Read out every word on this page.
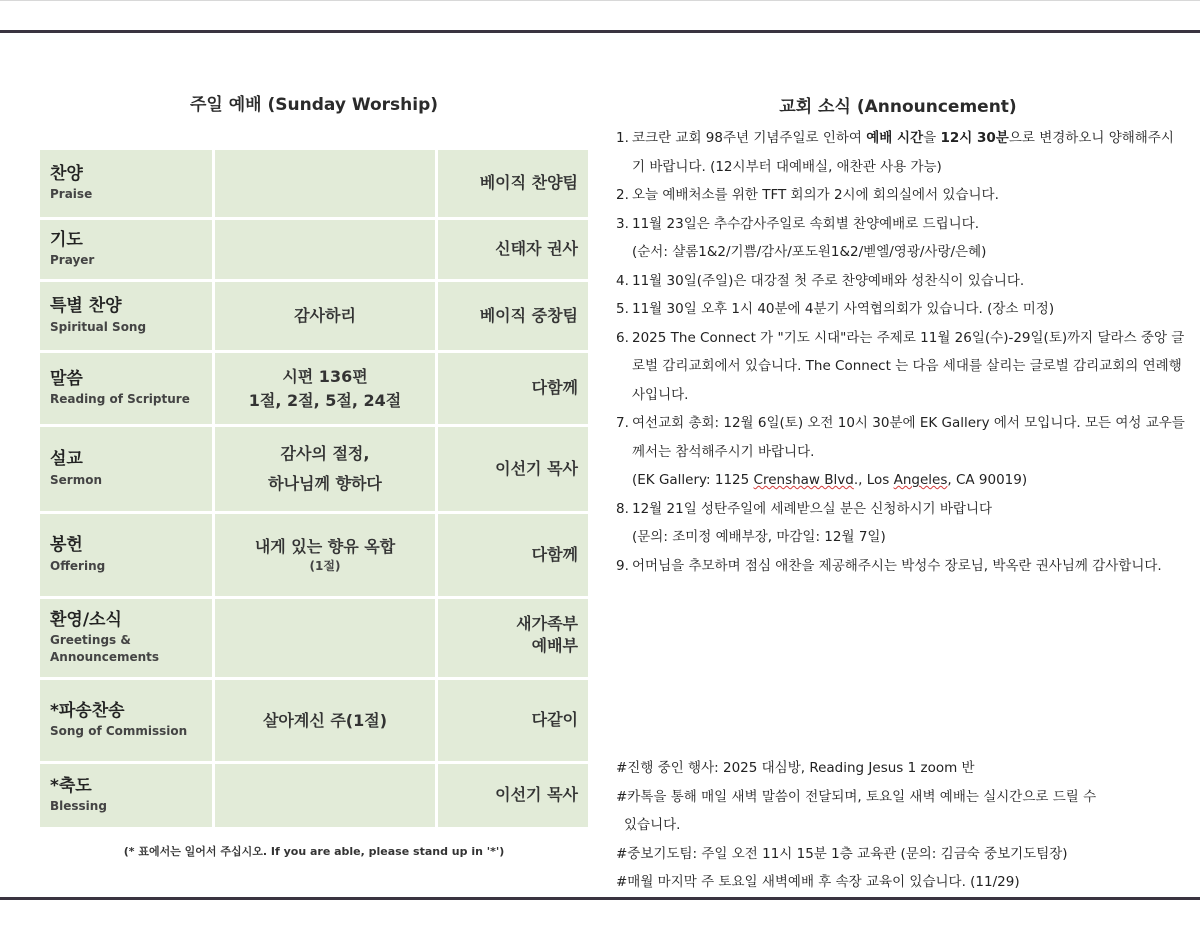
주일 예배 (Sunday Worship)
찬양
Praise
베이직 찬양팀
기도
Prayer
신태자 권사
특별 찬양
Spiritual Song
감사하리	베이직 중창팀
말씀
Reading of Scripture
시편 136편
1절, 2절, 5절, 24절
다함께
설교
Sermon
감사의 절정,
하나님께 향하다
이선기 목사
봉헌
Offering
내게 있는 향유 옥합
(1절)
다함께
환영/소식
Greetings &
Announcements
새가족부
예배부
*파송찬송
Song of Commission
살아계신 주(1절)	다같이
*축도
Blessing
이선기 목사
(* 표에서는 일어서 주십시오. If you are able, please stand up in '*')
교회 소식 (Announcement)
1. 코크란 교회 98주년 기념주일로 인하여 예배 시간을 12시 30분으로 변경하오니 양해해주시기 바랍니다. (12시부터 대예배실, 애찬관 사용 가능)
2. 오늘 예배처소를 위한 TFT 회의가 2시에 회의실에서 있습니다.
3. 11월 23일은 추수감사주일로 속회별 찬양예배로 드립니다.
(순서: 샬롬1&2/기쁨/감사/포도원1&2/벧엘/영광/사랑/은혜)
4. 11월 30일(주일)은 대강절 첫 주로 찬양예배와 성찬식이 있습니다.
5. 11월 30일 오후 1시 40분에 4분기 사역협의회가 있습니다. (장소 미정)
6. 2025 The Connect 가 "기도 시대"라는 주제로 11월 26일(수)-29일(토)까지 달라스 중앙 글로벌 감리교회에서 있습니다. The Connect 는 다음 세대를 살리는 글로벌 감리교회의 연례행사입니다.
7. 여선교회 총회: 12월 6일(토) 오전 10시 30분에 EK Gallery 에서 모입니다. 모든 여성 교우들께서는 참석해주시기 바랍니다.
(EK Gallery: 1125 Crenshaw Blvd., Los Angeles, CA 90019)
8. 12월 21일 성탄주일에 세례받으실 분은 신청하시기 바랍니다
(문의: 조미정 예배부장, 마감일: 12월 7일)
9. 어머님을 추모하며 점심 애찬을 제공해주시는 박성수 장로님, 박옥란 권사님께 감사합니다.
#진행 중인 행사: 2025 대심방, Reading Jesus 1 zoom 반
#카톡을 통해 매일 새벽 말씀이 전달되며, 토요일 새벽 예배는 실시간으로 드릴 수
있습니다.
#중보기도팀: 주일 오전 11시 15분 1층 교육관 (문의: 김금숙 중보기도팀장)
#매월 마지막 주 토요일 새벽예배 후 속장 교육이 있습니다. (11/29)
